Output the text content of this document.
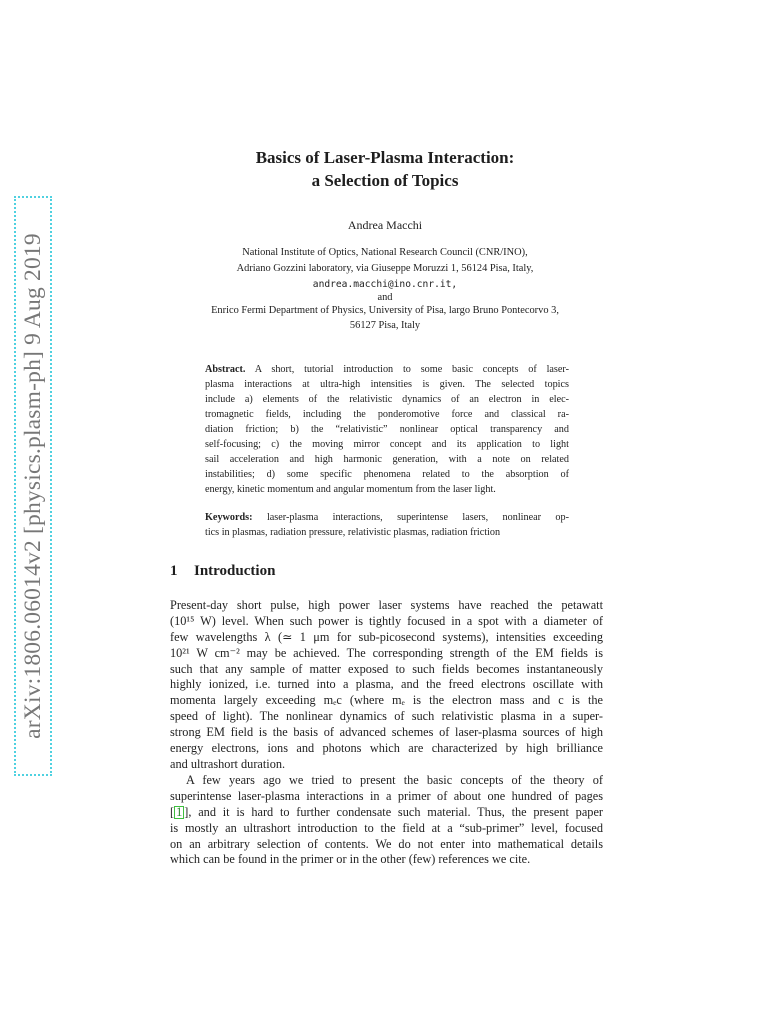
arXiv:1806.06014v2 [physics.plasm-ph] 9 Aug 2019
Basics of Laser-Plasma Interaction:
a Selection of Topics
Andrea Macchi
National Institute of Optics, National Research Council (CNR/INO),
Adriano Gozzini laboratory, via Giuseppe Moruzzi 1, 56124 Pisa, Italy,
andrea.macchi@ino.cnr.it,
and
Enrico Fermi Department of Physics, University of Pisa, largo Bruno Pontecorvo 3,
56127 Pisa, Italy
Abstract. A short, tutorial introduction to some basic concepts of laser-
plasma interactions at ultra-high intensities is given. The selected topics
include a) elements of the relativistic dynamics of an electron in elec-
tromagnetic fields, including the ponderomotive force and classical ra-
diation friction; b) the “relativistic” nonlinear optical transparency and
self-focusing; c) the moving mirror concept and its application to light
sail acceleration and high harmonic generation, with a note on related
instabilities; d) some specific phenomena related to the absorption of
energy, kinetic momentum and angular momentum from the laser light.
Keywords: laser-plasma interactions, superintense lasers, nonlinear op-
tics in plasmas, radiation pressure, relativistic plasmas, radiation friction
1 Introduction
Present-day short pulse, high power laser systems have reached the petawatt
(10¹⁵ W) level. When such power is tightly focused in a spot with a diameter of
few wavelengths λ (≃ 1 μm for sub-picosecond systems), intensities exceeding
10²¹ W cm⁻² may be achieved. The corresponding strength of the EM fields is
such that any sample of matter exposed to such fields becomes instantaneously
highly ionized, i.e. turned into a plasma, and the freed electrons oscillate with
momenta largely exceeding mₑc (where mₑ is the electron mass and c is the
speed of light). The nonlinear dynamics of such relativistic plasma in a super-
strong EM field is the basis of advanced schemes of laser-plasma sources of high
energy electrons, ions and photons which are characterized by high brilliance
and ultrashort duration.
A few years ago we tried to present the basic concepts of the theory of
superintense laser-plasma interactions in a primer of about one hundred of pages
[ 1 ], and it is hard to further condensate such material. Thus, the present paper
is mostly an ultrashort introduction to the field at a “sub-primer” level, focused
on an arbitrary selection of contents. We do not enter into mathematical details
which can be found in the primer or in the other (few) references we cite.
